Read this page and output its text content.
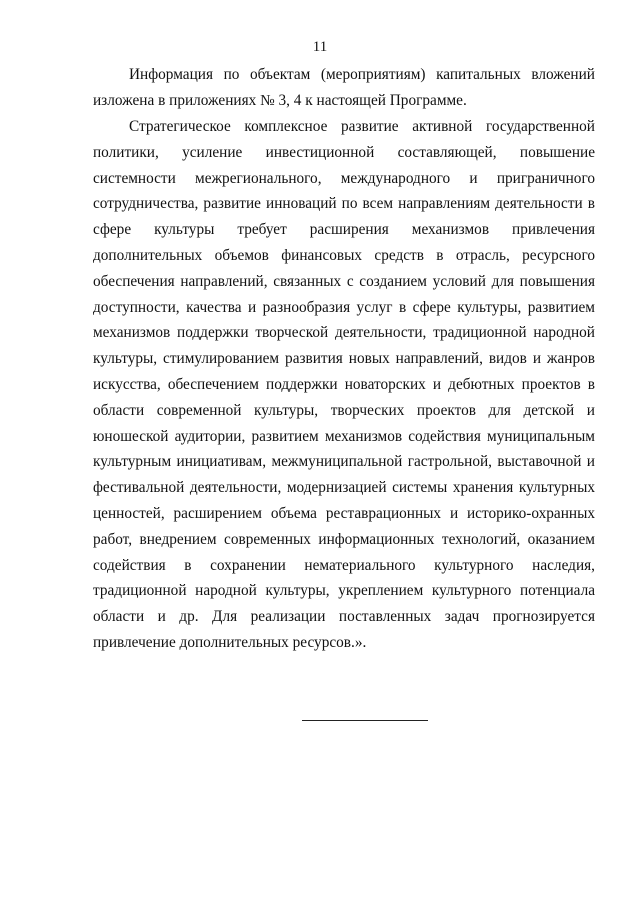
11

Информация по объектам (мероприятиям) капитальных вложений изложена в приложениях № 3, 4 к настоящей Программе.

Стратегическое комплексное развитие активной государственной политики, усиление инвестиционной составляющей, повышение системности межрегионального, международного и приграничного сотрудничества, развитие инноваций по всем направлениям деятельности в сфере культуры требует расширения механизмов привлечения дополнительных объемов финансовых средств в отрасль, ресурсного обеспечения направлений, связанных с созданием условий для повышения доступности, качества и разнообразия услуг в сфере культуры, развитием механизмов поддержки творческой деятельности, традиционной народной культуры, стимулированием развития новых направлений, видов и жанров искусства, обеспечением поддержки новаторских и дебютных проектов в области современной культуры, творческих проектов для детской и юношеской аудитории, развитием механизмов содействия муниципальным культурным инициативам, межмуниципальной гастрольной, выставочной и фестивальной деятельности, модернизацией системы хранения культурных ценностей, расширением объема реставрационных и историко-охранных работ, внедрением современных информационных технологий, оказанием содействия в сохранении нематериального культурного наследия, традиционной народной культуры, укреплением культурного потенциала области и др. Для реализации поставленных задач прогнозируется привлечение дополнительных ресурсов.».
